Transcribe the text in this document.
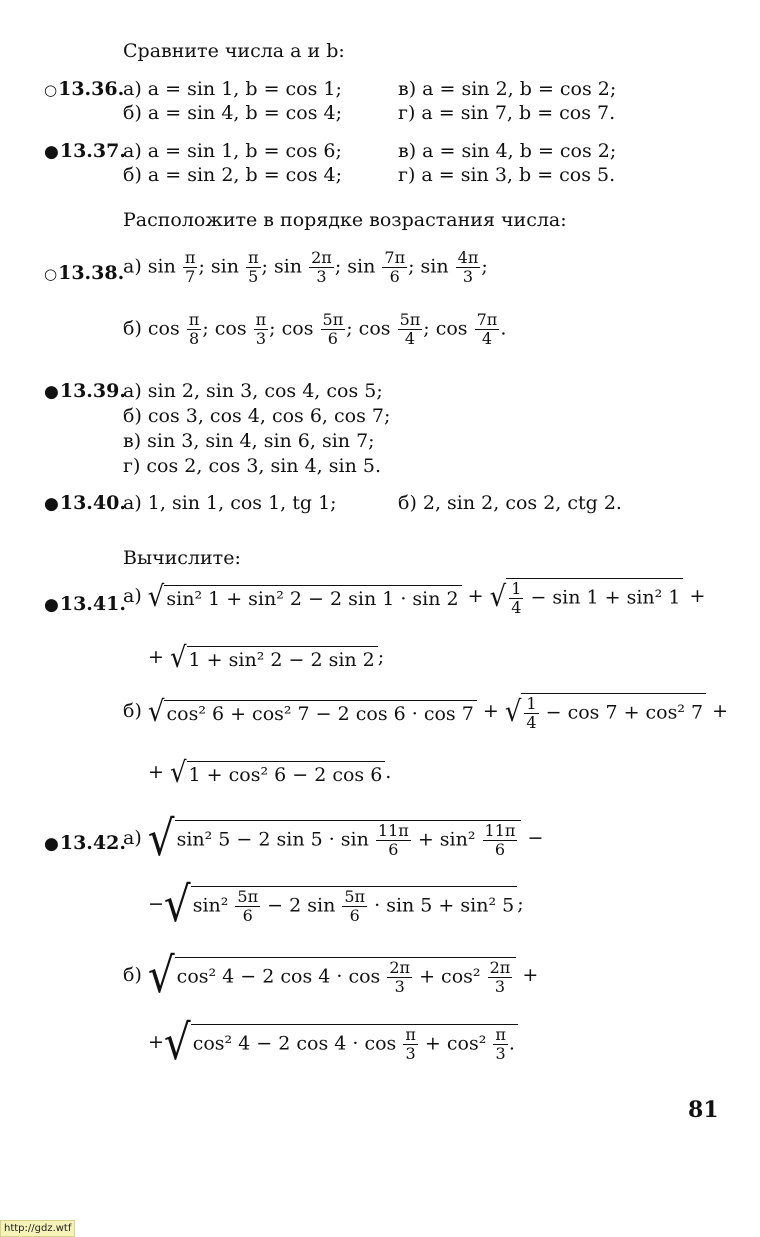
Сравните числа a и b:
○13.36.
а) a = sin 1, b = cos 1;	в) a = sin 2, b = cos 2;
б) a = sin 4, b = cos 4;	г) a = sin 7, b = cos 7.
●13.37.
а) a = sin 1, b = cos 6;	в) a = sin 4, b = cos 2;
б) a = sin 2, b = cos 4;	г) a = sin 3, b = cos 5.
Расположите в порядке возрастания числа:
○13.38.
а) $\sin \frac{\pi}{7}$ ; $\sin \frac{\pi}{5}$ ; $\sin \frac{2\pi}{3}$ ; $\sin \frac{7\pi}{6}$ ; $\sin \frac{4\pi}{3}$ ;
б) $\cos \frac{\pi}{8}$ ; $\cos \frac{\pi}{3}$ ; $\cos \frac{5\pi}{6}$ ; $\cos \frac{5\pi}{4}$ ; $\cos \frac{7\pi}{4}$ .
●13.39.
а) sin 2, sin 3, cos 4, cos 5;
б) cos 3, cos 4, cos 6, cos 7;
в) sin 3, sin 4, sin 6, sin 7;
г) cos 2, cos 3, sin 4, sin 5.
●13.40.
а) 1, sin 1, cos 1, tg 1;	б) 2, sin 2, cos 2, ctg 2.
Вычислите:
●13.41.
а) √ sin² 1 + sin² 2 − 2 sin 1 · sin 2 + √ $\frac{1}{4} - \sin 1 + \sin^2$ 1 +
+ √ 1 + sin² 2 − 2 sin 2 ;
б) √ cos² 6 + cos² 7 − 2 cos 6 · cos 7 + √ $\frac{1}{4} - \cos 7 + \cos^2$ 7 +
+ √ 1 + cos² 6 − 2 cos 6 .
●13.42.
а) √ sin² 5 − 2 $\sin 5 \cdot \sin \frac{11\pi}{6} + \sin^2 \frac{11\pi}{6}$ −
−√ $\sin^2 \frac{5\pi}{6} - 2$ $\sin \frac{5\pi}{6} \cdot \sin 5 + \sin^2$ 5 ;
б) √ cos² 4 − 2 $\cos 4 \cdot \cos \frac{2\pi}{3} + \cos^2 \frac{2\pi}{3}$ +
+√ cos² 4 − 2 $\cos 4 \cdot \cos \frac{\pi}{3} + \cos^2 \frac{\pi}{3}$ .
81
http://gdz.wtf
